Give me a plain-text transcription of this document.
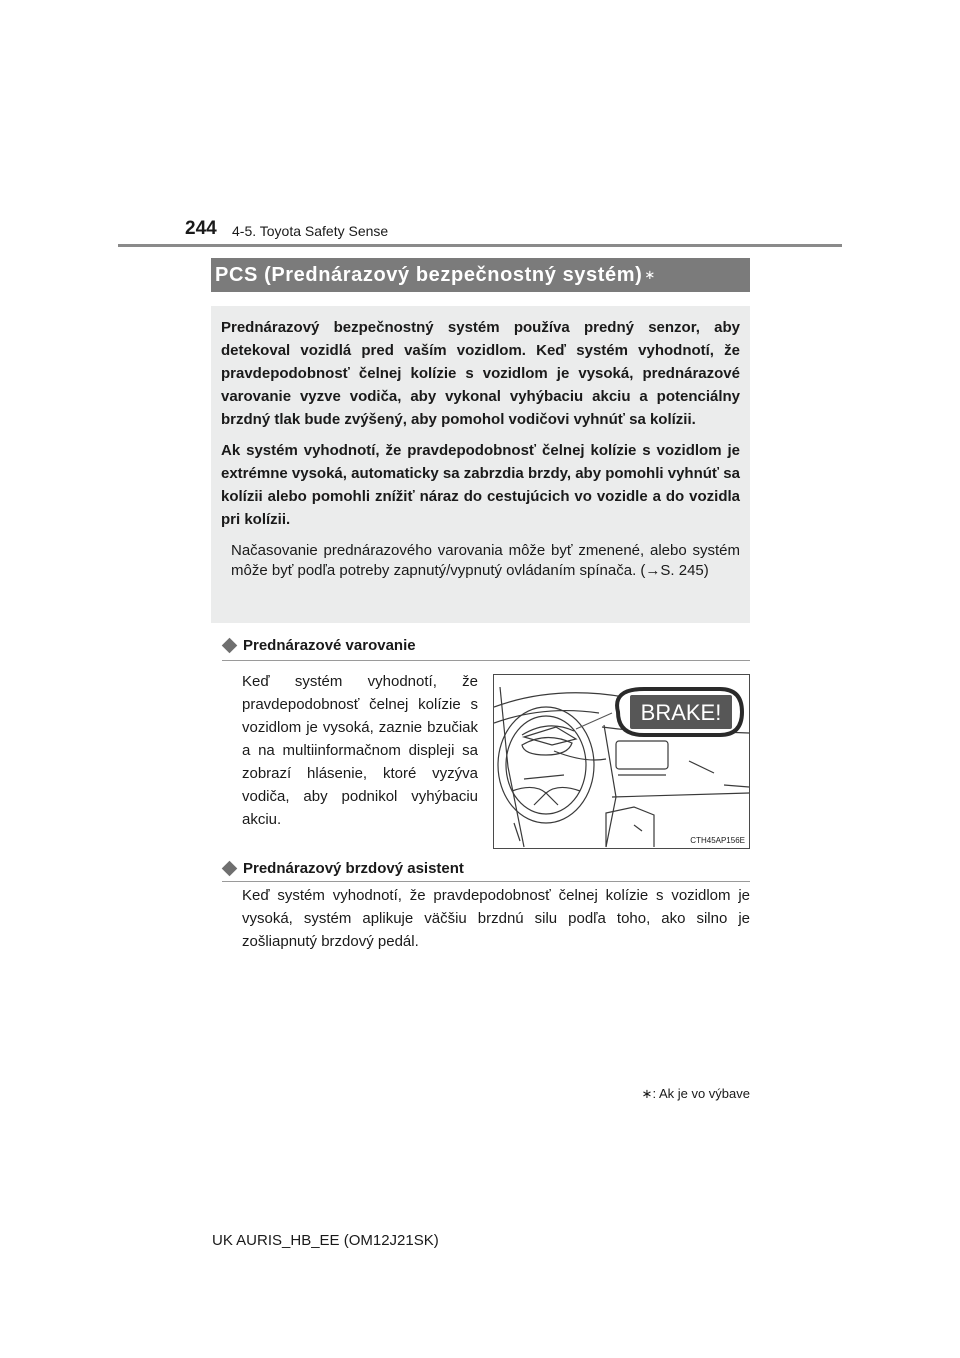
244 4-5. Toyota Safety Sense
PCS (Prednárazový bezpečnostný systém) ∗

Prednárazový bezpečnostný systém používa predný senzor, aby detekoval vozidlá pred vaším vozidlom. Keď systém vyhodnotí, že pravdepodobnosť čelnej kolízie s vozidlom je vysoká, prednárazové varovanie vyzve vodiča, aby vykonal vyhýbaciu akciu a potenciálny brzdný tlak bude zvýšený, aby pomohol vodičovi vyhnúť sa kolízii.

Ak systém vyhodnotí, že pravdepodobnosť čelnej kolízie s vozidlom je extrémne vysoká, automaticky sa zabrzdia brzdy, aby pomohli vyhnúť sa kolízii alebo pomohli znížiť náraz do cestujúcich vo vozidle a do vozidla pri kolízii.

Načasovanie prednárazového varovania môže byť zmenené, alebo systém môže byť podľa potreby zapnutý/vypnutý ovládaním spínača. (→S. 245)

Prednárazové varovanie
Keď systém vyhodnotí, že pravdepodobnosť čelnej kolízie s vozidlom je vysoká, zaznie bzučiak a na multiinformačnom displeji sa zobrazí hlásenie, ktoré vyzýva vodiča, aby podnikol vyhýbaciu akciu.
BRAKE!
CTH45AP156E
Prednárazový brzdový asistent
Keď systém vyhodnotí, že pravdepodobnosť čelnej kolízie s vozidlom je vysoká, systém aplikuje väčšiu brzdnú silu podľa toho, ako silno je zošliapnutý brzdový pedál.
∗: Ak je vo výbave
UK AURIS_HB_EE (OM12J21SK)
